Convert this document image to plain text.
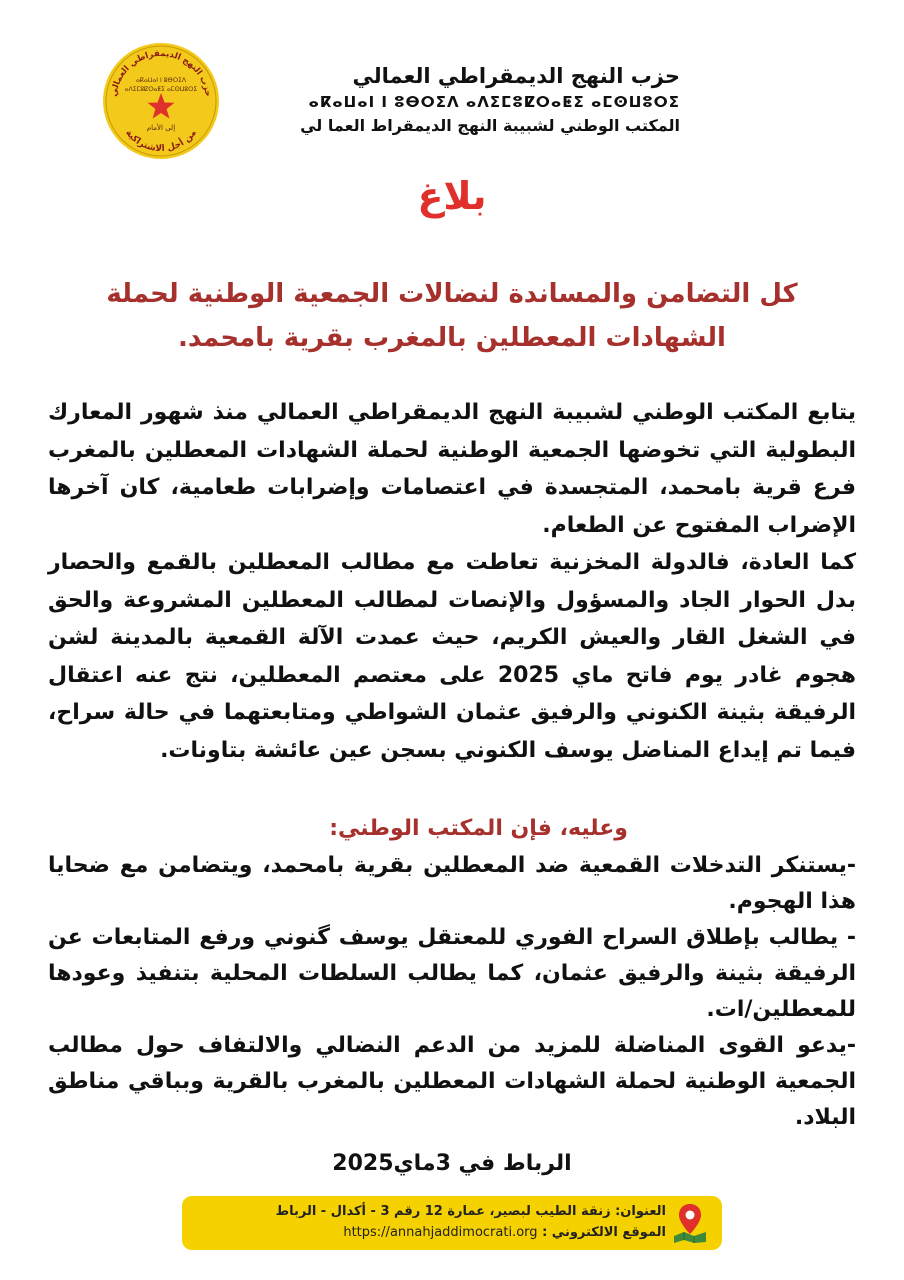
حزب النهج الديمقراطي العمالي
من أجل الاشتراكية
ⴰⴽⴰⵡⴰⵏ ⵏ ⵓⴱⵔⵉⴷ
ⴰⴷⵉⵎⵓⵇⵔⴰⵟⵉ ⴰⵎⵙⵡⵓⵔⵉ
إلى الأمام
حزب النهج الديمقراطي العمالي
ⴰⴽⴰⵡⴰⵏ ⵏ ⵓⴱⵔⵉⴷ ⴰⴷⵉⵎⵓⵇⵔⴰⵟⵉ ⴰⵎⵙⵡⵓⵔⵉ
المكتب الوطني لشبيبة النهج الديمقراط العما لي
بلاغ
كل التضامن والمساندة لنضالات الجمعية الوطنية لحملة الشهادات المعطلين بالمغرب بقرية بامحمد.

يتابع المكتب الوطني لشبيبة النهج الديمقراطي العمالي منذ شهور المعارك البطولية التي تخوضها الجمعية الوطنية لحملة الشهادات المعطلين بالمغرب فرع قرية بامحمد، المتجسدة في اعتصامات وإضرابات طعامية، كان آخرها الإضراب المفتوح عن الطعام.

كما العادة، فالدولة المخزنية تعاطت مع مطالب المعطلين بالقمع والحصار بدل الحوار الجاد والمسؤول والإنصات لمطالب المعطلين المشروعة والحق في الشغل القار والعيش الكريم، حيث عمدت الآلة القمعية بالمدينة لشن هجوم غادر يوم فاتح ماي 2025 على معتصم المعطلين، نتج عنه اعتقال الرفيقة بثينة الكنوني والرفيق عثمان الشواطي ومتابعتهما في حالة سراح، فيما تم إيداع المناضل يوسف الكنوني بسجن عين عائشة بتاونات.

وعليه، فإن المكتب الوطني:

-يستنكر التدخلات القمعية ضد المعطلين بقرية بامحمد، ويتضامن مع ضحايا هذا الهجوم.

- يطالب بإطلاق السراح الفوري للمعتقل يوسف گنوني ورفع المتابعات عن الرفيقة بثينة والرفيق عثمان، كما يطالب السلطات المحلية بتنفيذ وعودها للمعطلين/ات.

-يدعو القوى المناضلة للمزيد من الدعم النضالي والالتفاف حول مطالب الجمعية الوطنية لحملة الشهادات المعطلين بالمغرب بالقرية وبباقي مناطق البلاد.

الرباط في 3ماي2025
العنوان: زنقة الطيب لبصير، عمارة 12 رقم 3 - أكدال - الرباط
الموقع الالكتروني : https://annahjaddimocrati.org
